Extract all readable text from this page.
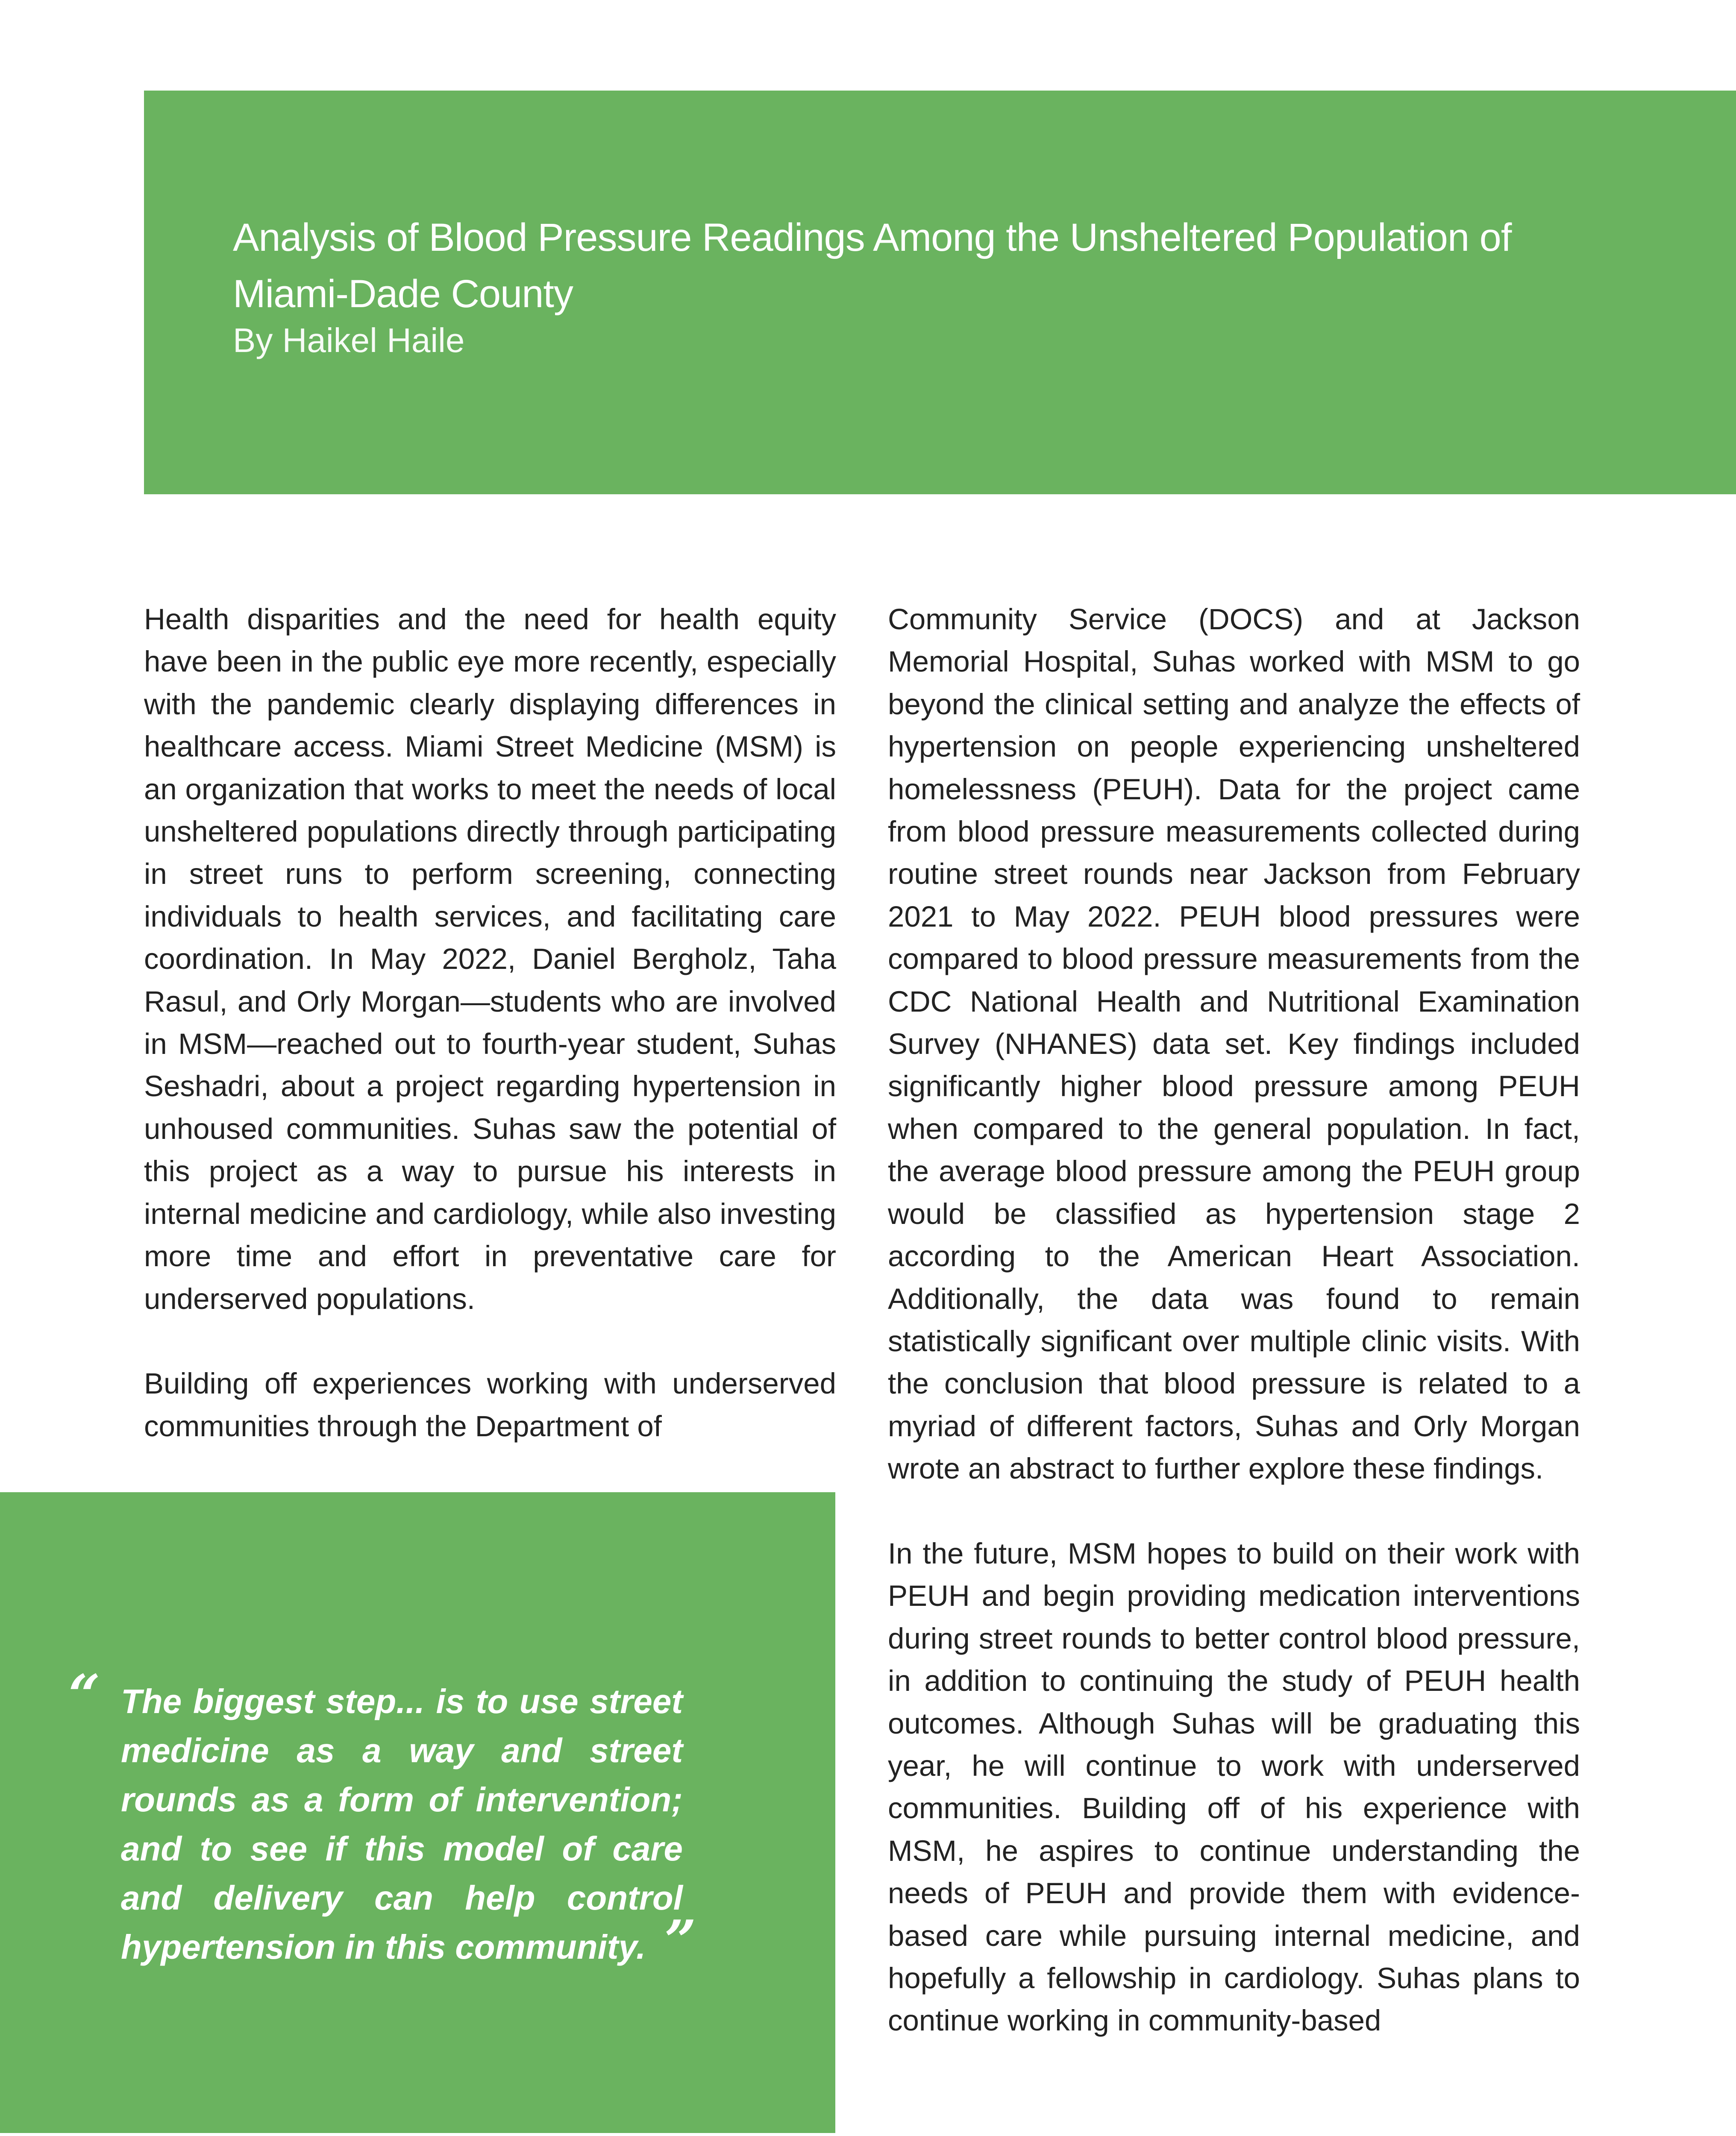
Analysis of Blood Pressure Readings Among the Unsheltered Population of Miami-Dade County

By Haikel Haile

Health disparities and the need for health equity have been in the public eye more recently, especially with the pandemic clearly displaying differences in healthcare access. Miami Street Medicine (MSM) is an organization that works to meet the needs of local unsheltered populations directly through participating in street runs to perform screening, connecting individuals to health services, and facilitating care coordination. In May 2022, Daniel Bergholz, Taha Rasul, and Orly Morgan—students who are involved in MSM—reached out to fourth-year student, Suhas Seshadri, about a project regarding hypertension in unhoused communities. Suhas saw the potential of this project as a way to pursue his interests in internal medicine and cardiology, while also investing more time and effort in preventative care for underserved populations.

Building off experiences working with underserved communities through the Department of

Community Service (DOCS) and at Jackson Memorial Hospital, Suhas worked with MSM to go beyond the clinical setting and analyze the effects of hypertension on people experiencing unsheltered homelessness (PEUH). Data for the project came from blood pressure measurements collected during routine street rounds near Jackson from February 2021 to May 2022. PEUH blood pressures were compared to blood pressure measurements from the CDC National Health and Nutritional Examination Survey (NHANES) data set. Key findings included significantly higher blood pressure among PEUH when compared to the general population. In fact, the average blood pressure among the PEUH group would be classified as hypertension stage 2 according to the American Heart Association. Additionally, the data was found to remain statistically significant over multiple clinic visits. With the conclusion that blood pressure is related to a myriad of different factors, Suhas and Orly Morgan wrote an abstract to further explore these findings.

In the future, MSM hopes to build on their work with PEUH and begin providing medication interventions during street rounds to better control blood pressure, in addition to continuing the study of PEUH health outcomes. Although Suhas will be graduating this year, he will continue to work with underserved communities. Building off of his experience with MSM, he aspires to continue understanding the needs of PEUH and provide them with evidence-based care while pursuing internal medicine, and hopefully a fellowship in cardiology. Suhas plans to continue working in community-based

“ The biggest step... is to use street medicine as a way and street rounds as a form of intervention; and to see if this model of care and delivery can help control hypertension in this community. ”
